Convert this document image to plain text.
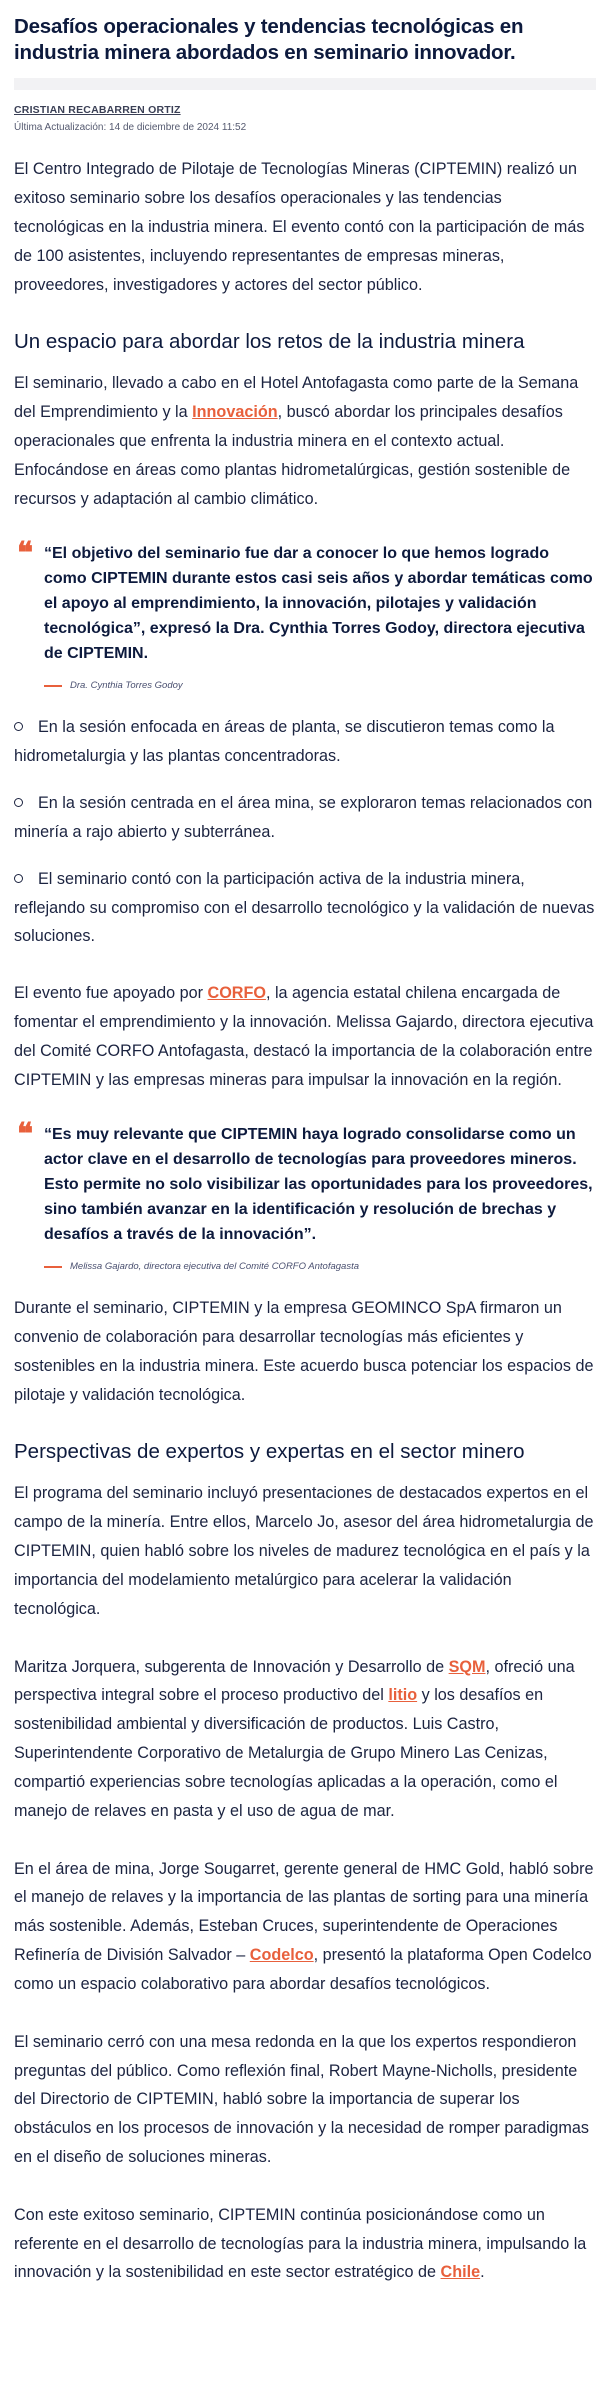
Desafíos operacionales y tendencias tecnológicas en industria minera abordados en seminario innovador.
CRISTIAN RECABARREN ORTIZ
Última Actualización: 14 de diciembre de 2024 11:52

El Centro Integrado de Pilotaje de Tecnologías Mineras (CIPTEMIN) realizó un exitoso seminario sobre los desafíos operacionales y las tendencias tecnológicas en la industria minera. El evento contó con la participación de más de 100 asistentes, incluyendo representantes de empresas mineras, proveedores, investigadores y actores del sector público.

Un espacio para abordar los retos de la industria minera

El seminario, llevado a cabo en el Hotel Antofagasta como parte de la Semana del Emprendimiento y la Innovación, buscó abordar los principales desafíos operacionales que enfrenta la industria minera en el contexto actual. Enfocándose en áreas como plantas hidrometalúrgicas, gestión sostenible de recursos y adaptación al cambio climático.

❝ “El objetivo del seminario fue dar a conocer lo que hemos logrado como CIPTEMIN durante estos casi seis años y abordar temáticas como el apoyo al emprendimiento, la innovación, pilotajes y validación tecnológica”, expresó la Dra. Cynthia Torres Godoy, directora ejecutiva de CIPTEMIN.
Dra. Cynthia Torres Godoy
En la sesión enfocada en áreas de planta, se discutieron temas como la hidrometalurgia y las plantas concentradoras.
En la sesión centrada en el área mina, se exploraron temas relacionados con minería a rajo abierto y subterránea.
El seminario contó con la participación activa de la industria minera, reflejando su compromiso con el desarrollo tecnológico y la validación de nuevas soluciones.

El evento fue apoyado por CORFO, la agencia estatal chilena encargada de fomentar el emprendimiento y la innovación. Melissa Gajardo, directora ejecutiva del Comité CORFO Antofagasta, destacó la importancia de la colaboración entre CIPTEMIN y las empresas mineras para impulsar la innovación en la región.

❝ “Es muy relevante que CIPTEMIN haya logrado consolidarse como un actor clave en el desarrollo de tecnologías para proveedores mineros. Esto permite no solo visibilizar las oportunidades para los proveedores, sino también avanzar en la identificación y resolución de brechas y desafíos a través de la innovación”.
Melissa Gajardo, directora ejecutiva del Comité CORFO Antofagasta

Durante el seminario, CIPTEMIN y la empresa GEOMINCO SpA firmaron un convenio de colaboración para desarrollar tecnologías más eficientes y sostenibles en la industria minera. Este acuerdo busca potenciar los espacios de pilotaje y validación tecnológica.

Perspectivas de expertos y expertas en el sector minero

El programa del seminario incluyó presentaciones de destacados expertos en el campo de la minería. Entre ellos, Marcelo Jo, asesor del área hidrometalurgia de CIPTEMIN, quien habló sobre los niveles de madurez tecnológica en el país y la importancia del modelamiento metalúrgico para acelerar la validación tecnológica.

Maritza Jorquera, subgerenta de Innovación y Desarrollo de SQM, ofreció una perspectiva integral sobre el proceso productivo del litio y los desafíos en sostenibilidad ambiental y diversificación de productos. Luis Castro, Superintendente Corporativo de Metalurgia de Grupo Minero Las Cenizas, compartió experiencias sobre tecnologías aplicadas a la operación, como el manejo de relaves en pasta y el uso de agua de mar.

En el área de mina, Jorge Sougarret, gerente general de HMC Gold, habló sobre el manejo de relaves y la importancia de las plantas de sorting para una minería más sostenible. Además, Esteban Cruces, superintendente de Operaciones Refinería de División Salvador – Codelco, presentó la plataforma Open Codelco como un espacio colaborativo para abordar desafíos tecnológicos.

El seminario cerró con una mesa redonda en la que los expertos respondieron preguntas del público. Como reflexión final, Robert Mayne-Nicholls, presidente del Directorio de CIPTEMIN, habló sobre la importancia de superar los obstáculos en los procesos de innovación y la necesidad de romper paradigmas en el diseño de soluciones mineras.

Con este exitoso seminario, CIPTEMIN continúa posicionándose como un referente en el desarrollo de tecnologías para la industria minera, impulsando la innovación y la sostenibilidad en este sector estratégico de Chile.
